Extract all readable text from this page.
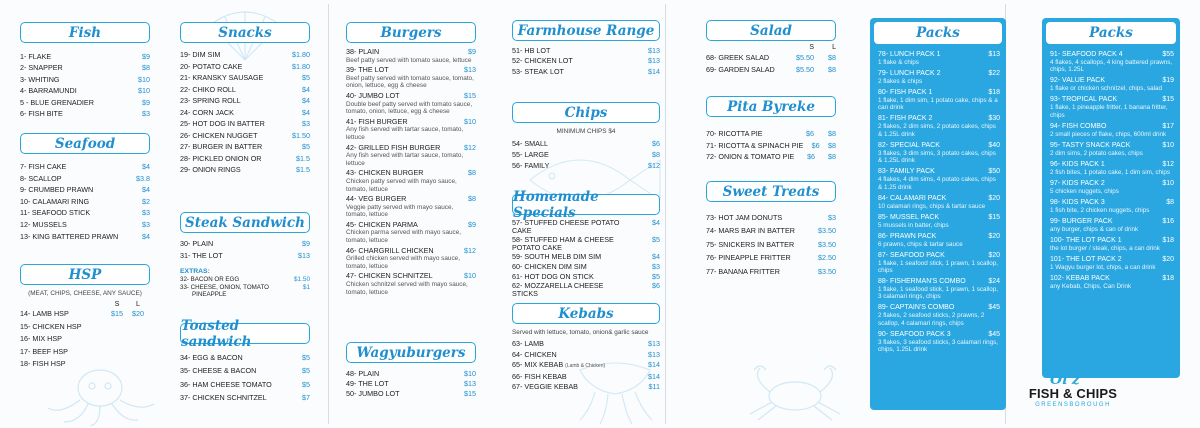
Fish
1- FLAKE	$9
2- SNAPPER	$8
3- WHITING	$10
4- BARRAMUNDI	$10
5 - BLUE GRENADIER	$9
6- FISH BITE	$3
Seafood
7- FISH CAKE	$4
8- SCALLOP	$3.8
9- CRUMBED PRAWN	$4
10- CALAMARI RING	$2
11- SEAFOOD STICK	$3
12- MUSSELS	$3
13- KING BATTERED PRAWN	$4
HSP
(MEAT, CHIPS, CHEESE, ANY SAUCE)
S	L
14- LAMB HSP	$15	$20
15- CHICKEN HSP
16- MIX HSP
17- BEEF HSP
18- FISH HSP
Snacks
19- DIM SIM	$1.80
20- POTATO CAKE	$1.80
21- KRANSKY SAUSAGE	$5
22- CHIKO ROLL	$4
23- SPRING ROLL	$4
24- CORN JACK	$4
25- HOT DOG IN BATTER	$3
26- CHICKEN NUGGET	$1.50
27- BURGER IN BATTER	$5
28- PICKLED ONION OR	$1.5
29- ONION RINGS	$1.5
Steak Sandwich
30- PLAIN	$9
31- THE LOT	$13
EXTRAS:
32- BACON OR EGG	$1.50
33- CHEESE, ONION, TOMATO	$1
PINEAPPLE
Toasted sandwich
34- EGG & BACON	$5
35- CHEESE & BACON	$5
36- HAM CHEESE TOMATO	$5
37- CHICKEN SCHNITZEL	$7
Burgers
38- PLAIN	$9
Beef patty served with tomato sauce, lettuce
39- THE LOT	$13
Beef patty served with tomato sauce, tomato, onion, lettuce, egg & cheese
40- JUMBO LOT	$15
Double beef patty served with tomato sauce, tomato, onion, lettuce, egg & cheese
41- FISH BURGER	$10
Any fish served with tartar sauce, tomato, lettuce
42- GRILLED FISH BURGER	$12
Any fish served with tartar sauce, tomato, lettuce
43- CHICKEN BURGER	$8
Chicken patty served with mayo sauce, tomato, lettuce
44- VEG BURGER	$8
Veggie patty served with mayo sauce, tomato, lettuce
45- CHICKEN PARMA	$9
Chicken parma served with mayo sauce, tomato, lettuce
46- CHARGRILL CHICKEN	$12
Grilled chicken served with mayo sauce, tomato, lettuce
47- CHICKEN SCHNITZEL	$10
Chicken schnitzel served with mayo sauce, tomato, lettuce
Wagyuburgers
48- PLAIN	$10
49- THE LOT	$13
50- JUMBO LOT	$15
Farmhouse Range
51- HB LOT	$13
52- CHICKEN LOT	$13
53- STEAK LOT	$14
Chips
MINIMUM CHIPS $4
54- SMALL	$6
55- LARGE	$8
56- FAMILY	$12
Homemade Specials
57- STUFFED CHEESE POTATO CAKE
$4
58- STUFFED HAM & CHEESE POTATO CAKE
$5
59- SOUTH MELB DIM SIM	$4
60- CHICKEN DIM SIM	$3
61- HOT DOG ON STICK	$5
62- MOZZARELLA CHEESE STICKS
$6
Kebabs
Served with lettuce, tomato, onion& garlic sauce
63- LAMB	$13
64- CHICKEN	$13
65- MIX KEBAB (Lamb & Chicken)	$14
66- FISH KEBAB	$14
67- VEGGIE KEBAB	$11
Salad
S	L
68- GREEK SALAD	$5.50	$8
69- GARDEN SALAD	$5.50	$8
Pita Byreke
70- RICOTTA PIE	$6	$8
71- RICOTTA & SPINACH PIE	$6	$8
72- ONION & TOMATO PIE	$6	$8
Sweet Treats
73- HOT JAM DONUTS	$3
74- MARS BAR IN BATTER	$3.50
75- SNICKERS IN BATTER	$3.50
76- PINEAPPLE FRITTER	$2.50
77- BANANA FRITTER	$3.50
Packs
78- LUNCH PACK 1	$13
1 flake & chips
79- LUNCH PACK 2	$22
2 flakes & chips
80- FISH PACK 1	$18
1 flake, 1 dim sim, 1 potato cake, chips & a can drink
81- FISH PACK 2	$30
2 flakes, 2 dim sims, 2 potato cakes, chips & 1.25L drink
82- SPECIAL PACK	$40
3 flakes, 3 dim sims, 3 potato cakes, chips & 1.25L drink
83- FAMILY PACK	$50
4 flakes, 4 dim sims, 4 potato cakes, chips & 1.25 drink
84- CALAMARI PACK	$20
10 calamari rings, chips & tartar sauce
85- MUSSEL PACK	$15
5 mussels in batter, chips
86- PRAWN PACK	$20
6 prawns, chips & tartar sauce
87- SEAFOOD PACK	$20
1 flake, 1 seafood stick, 1 prawn, 1 scallop, chips
88- FISHERMAN'S COMBO	$24
1 flake, 1 seafood stick, 1 prawn, 1 scallop, 3 calamari rings, chips
89- CAPTAIN'S COMBO	$45
2 flakes, 2 seafood sticks, 2 prawns, 2 scallop, 4 calamari rings, chips
90- SEAFOOD PACK 3	$45
3 flakes, 3 seafood sticks, 3 calamari rings, chips, 1.25L drink
Packs
91- SEAFOOD PACK 4	$55
4 flakes, 4 scallops, 4 king battered prawns, chips, 1.25L
92- VALUE PACK	$19
1 flake or chicken schnitzel, chips, salad
93- TROPICAL PACK	$15
1 flake, 1 pineapple fritter, 1 banana fritter, chips
94- FISH COMBO	$17
2 small pieces of flake, chips, 600ml drink
95- TASTY SNACK PACK	$10
2 dim sims, 2 potato cakes, chips
96- KIDS PACK 1	$12
2 fish bites, 1 potato cake, 1 dim sim, chips
97- KIDS PACK 2	$10
5 chicken nuggets, chips
98- KIDS PACK 3	$8
1 fish bite, 2 chicken nuggets, chips
99- BURGER PACK	$16
any burger, chips & can of drink
100- THE LOT PACK 1	$18
the lot burger / steak, chips, a can drink
101- THE LOT PACK 2	$20
1 Wagyu burger lot, chips, a can drink
102- KEBAB PACK	$18
any Kebab, Chips, Can Drink
Ol'z
FISH & CHIPS
GREENSBOROUGH
